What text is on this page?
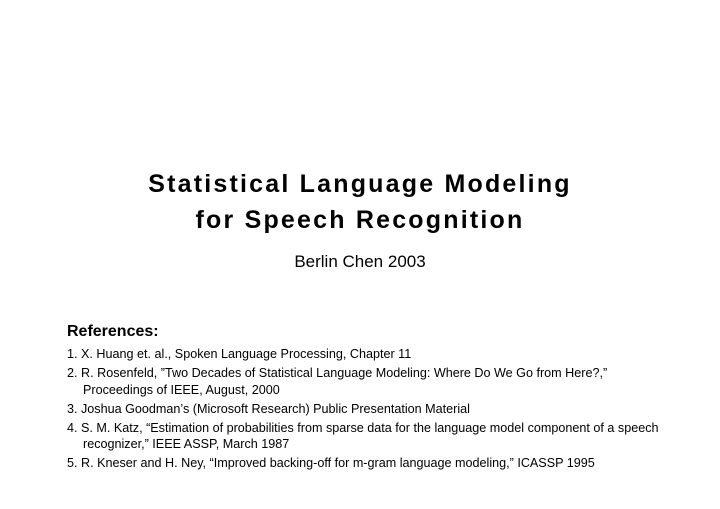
Statistical Language Modeling
for Speech Recognition
Berlin Chen 2003
References:
1. X. Huang et. al., Spoken Language Processing, Chapter 11
2. R. Rosenfeld, ”Two Decades of Statistical Language Modeling: Where Do We Go from Here?,” Proceedings of IEEE, August, 2000
3. Joshua Goodman’s (Microsoft Research) Public Presentation Material
4. S. M. Katz, “Estimation of probabilities from sparse data for the language model component of a speech recognizer,” IEEE ASSP, March 1987
5. R. Kneser and H. Ney, “Improved backing-off for m-gram language modeling,” ICASSP 1995
